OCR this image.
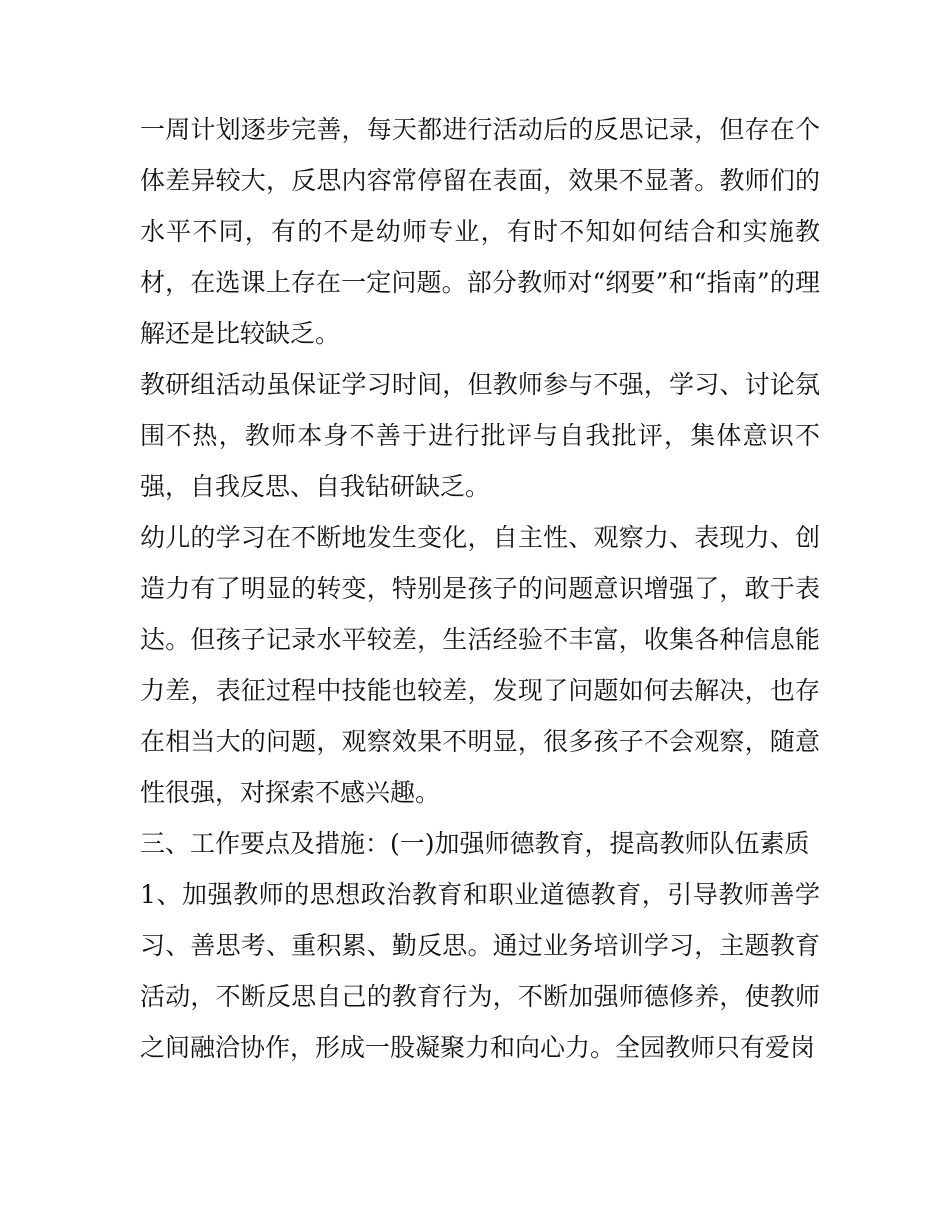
一周计划逐步完善，每天都进行活动后的反思记录，但存在个体差异较大，反思内容常停留在表面，效果不显著。教师们的水平不同，有的不是幼师专业，有时不知如何结合和实施教材，在选课上存在一定问题。部分教师对“纲要”和“指南”的理解还是比较缺乏。

教研组活动虽保证学习时间，但教师参与不强，学习、讨论氛围不热，教师本身不善于进行批评与自我批评，集体意识不强，自我反思、自我钻研缺乏。

幼儿的学习在不断地发生变化，自主性、观察力、表现力、创造力有了明显的转变，特别是孩子的问题意识增强了，敢于表达。但孩子记录水平较差，生活经验不丰富，收集各种信息能力差，表征过程中技能也较差，发现了问题如何去解决，也存在相当大的问题，观察效果不明显，很多孩子不会观察，随意性很强，对探索不感兴趣。

三、工作要点及措施：(一)加强师德教育，提高教师队伍素质

1、加强教师的思想政治教育和职业道德教育，引导教师善学习、善思考、重积累、勤反思。通过业务培训学习，主题教育活动，不断反思自己的教育行为，不断加强师德修养，使教师之间融洽协作，形成一股凝聚力和向心力。全园教师只有爱岗
